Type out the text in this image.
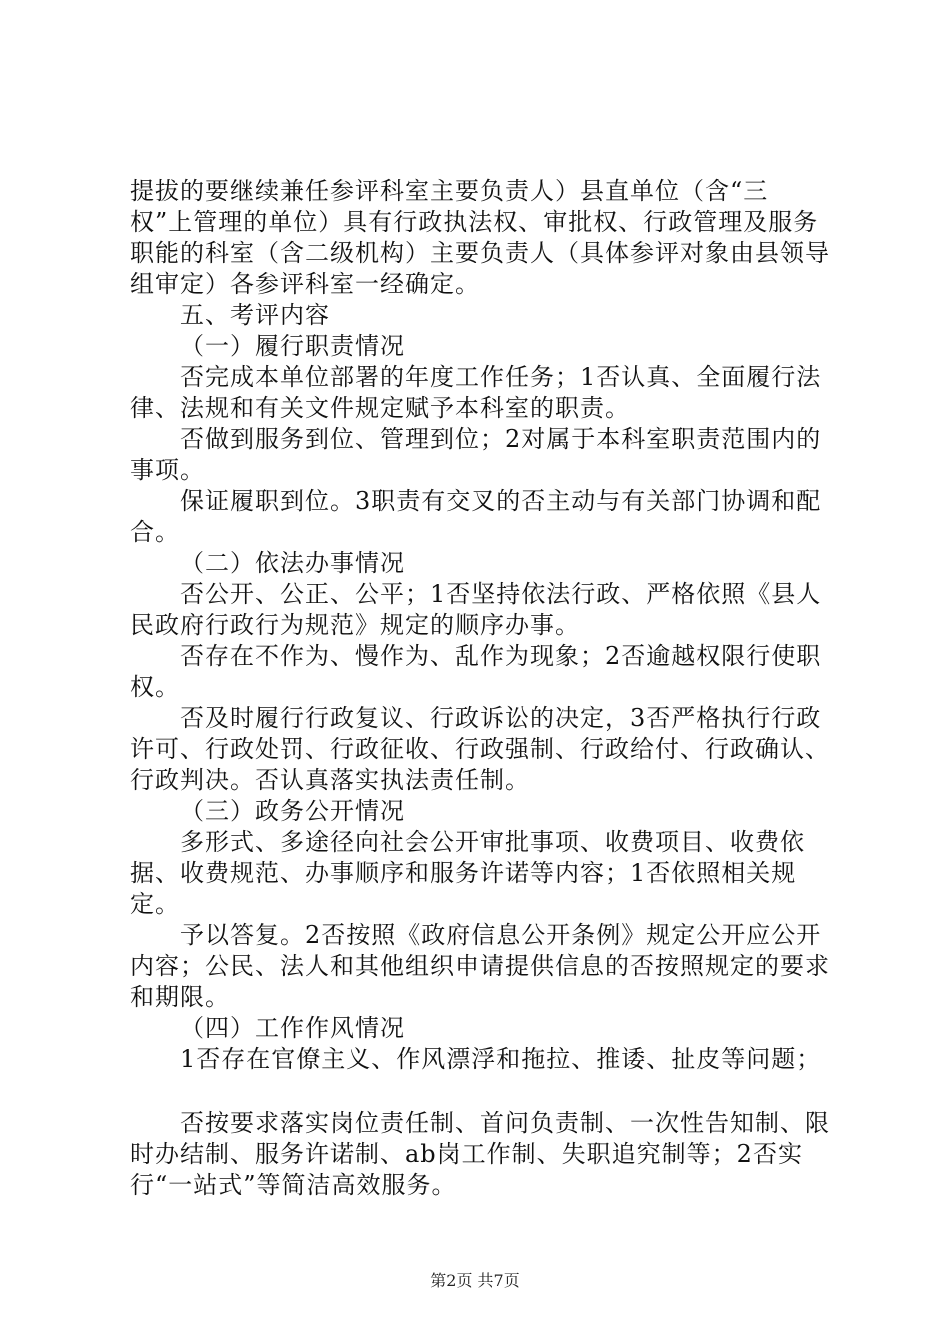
提拔的要继续兼任参评科室主要负责人）县直单位（含“三权”上管理的单位）具有行政执法权、审批权、行政管理及服务职能的科室（含二级机构）主要负责人（具体参评对象由县领导组审定）各参评科室一经确定。

五、考评内容

（一）履行职责情况

否完成本单位部署的年度工作任务；1否认真、全面履行法律、法规和有关文件规定赋予本科室的职责。

否做到服务到位、管理到位；2对属于本科室职责范围内的事项。

保证履职到位。3职责有交叉的否主动与有关部门协调和配合。

（二）依法办事情况

否公开、公正、公平；1否坚持依法行政、严格依照《县人民政府行政行为规范》规定的顺序办事。

否存在不作为、慢作为、乱作为现象；2否逾越权限行使职权。

否及时履行行政复议、行政诉讼的决定，3否严格执行行政许可、行政处罚、行政征收、行政强制、行政给付、行政确认、行政判决。否认真落实执法责任制。

（三）政务公开情况

多形式、多途径向社会公开审批事项、收费项目、收费依据、收费规范、办事顺序和服务许诺等内容；1否依照相关规定。

予以答复。2否按照《政府信息公开条例》规定公开应公开内容；公民、法人和其他组织申请提供信息的否按照规定的要求和期限。

（四）工作作风情况

1否存在官僚主义、作风漂浮和拖拉、推诿、扯皮等问题；

否按要求落实岗位责任制、首问负责制、一次性告知制、限时办结制、服务许诺制、ab岗工作制、失职追究制等；2否实行“一站式”等简洁高效服务。

第2页 共7页
